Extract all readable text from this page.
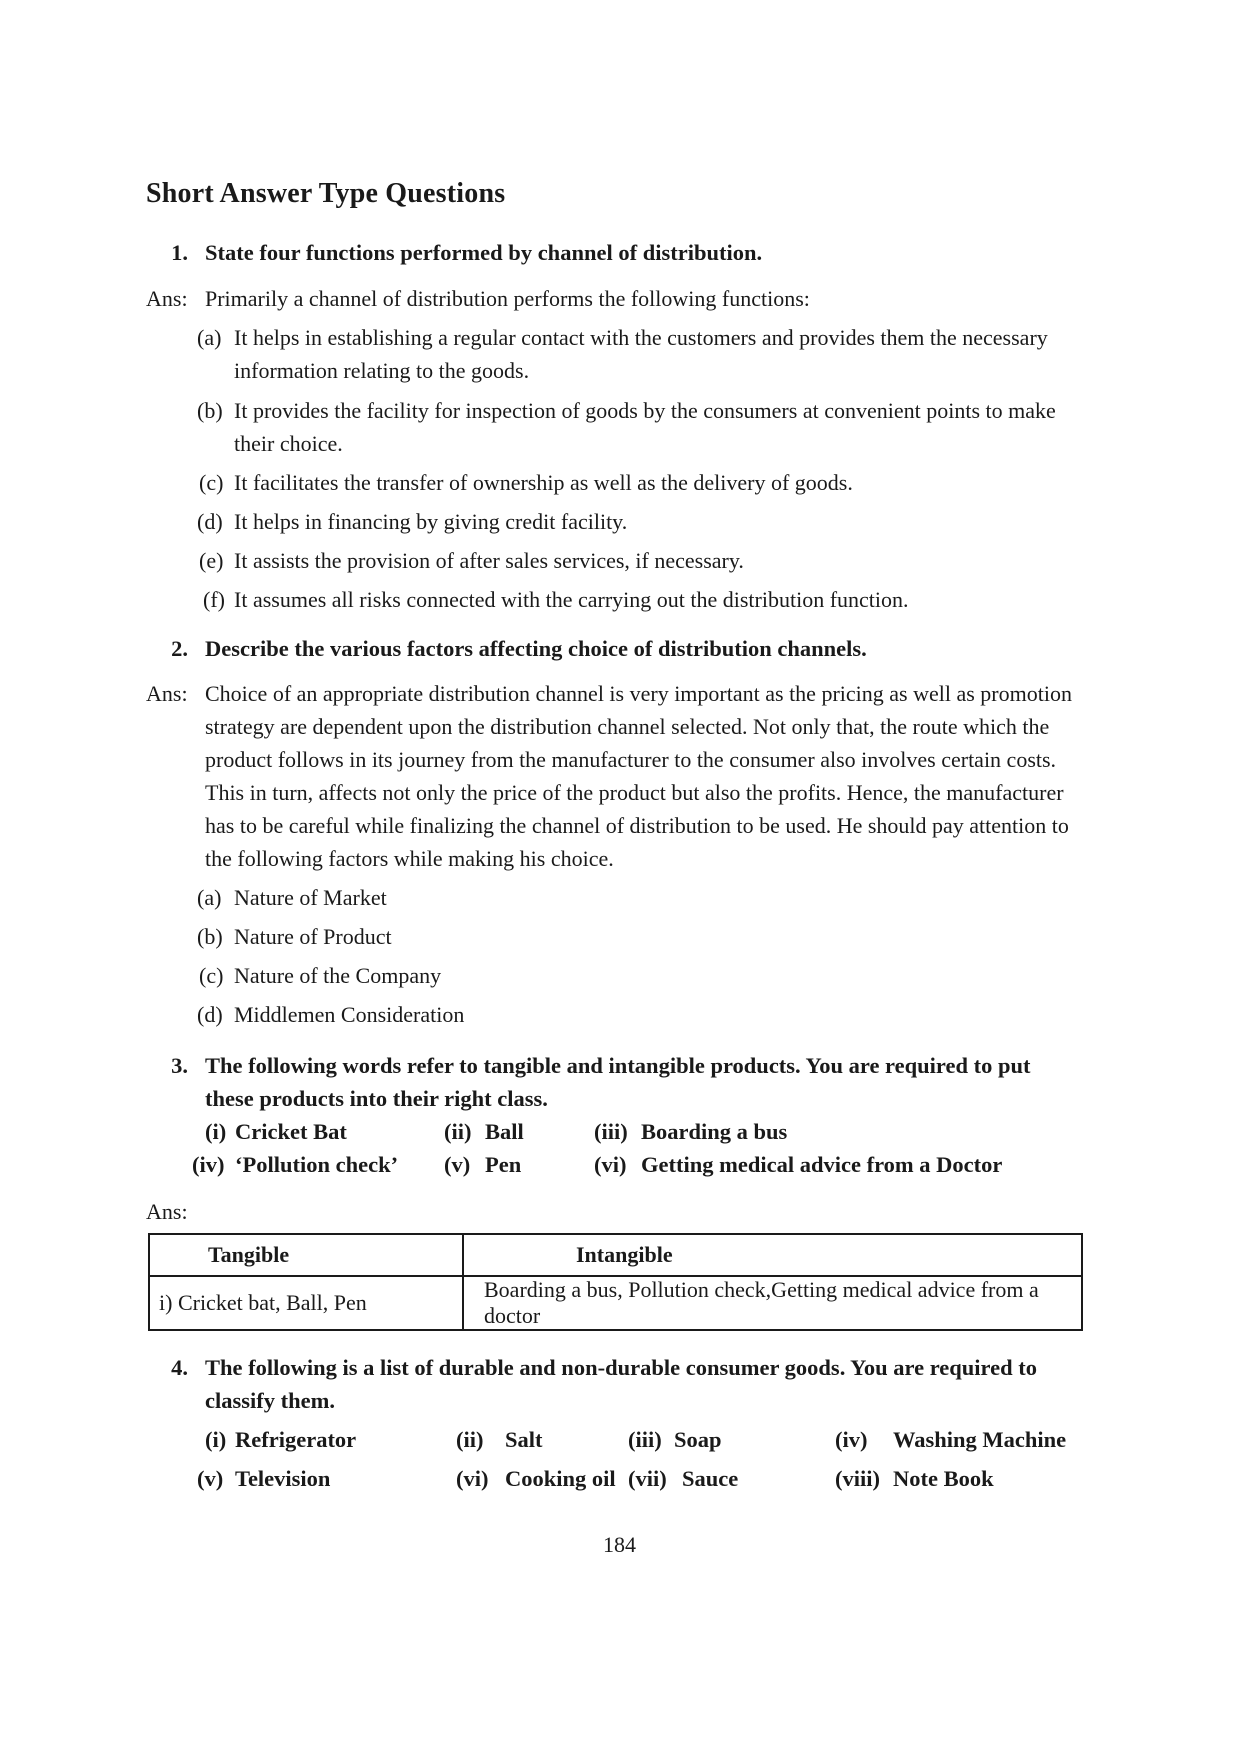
Short Answer Type Questions
1. State four functions performed by channel of distribution.
Ans: Primarily a channel of distribution performs the following functions:
(a) It helps in establishing a regular contact with the customers and provides them the necessary
information relating to the goods.
(b) It provides the facility for inspection of goods by the consumers at convenient points to make
their choice.
(c) It facilitates the transfer of ownership as well as the delivery of goods.
(d) It helps in financing by giving credit facility.
(e) It assists the provision of after sales services, if necessary.
(f) It assumes all risks connected with the carrying out the distribution function.
2. Describe the various factors affecting choice of distribution channels.
Ans: Choice of an appropriate distribution channel is very important as the pricing as well as promotion
strategy are dependent upon the distribution channel selected. Not only that, the route which the
product follows in its journey from the manufacturer to the consumer also involves certain costs.
This in turn, affects not only the price of the product but also the profits. Hence, the manufacturer
has to be careful while finalizing the channel of distribution to be used. He should pay attention to
the following factors while making his choice.
(a) Nature of Market
(b) Nature of Product
(c) Nature of the Company
(d) Middlemen Consideration
3. The following words refer to tangible and intangible products. You are required to put
these products into their right class.
(i) Cricket Bat	(ii) Ball	(iii) Boarding a bus
(iv) ‘Pollution check’ (v) Pen	(vi) Getting medical advice from a Doctor
Ans:
Tangible	Intangible
i) Cricket bat, Ball, Pen	Boarding a bus, Pollution check,Getting medical advice from a doctor
4. The following is a list of durable and non-durable consumer goods. You are required to
classify them.
(i) Refrigerator	(ii) Salt	(iii) Soap	(iv) Washing Machine
(v) Television	(vi) Cooking oil (vii) Sauce	(viii) Note Book
184
